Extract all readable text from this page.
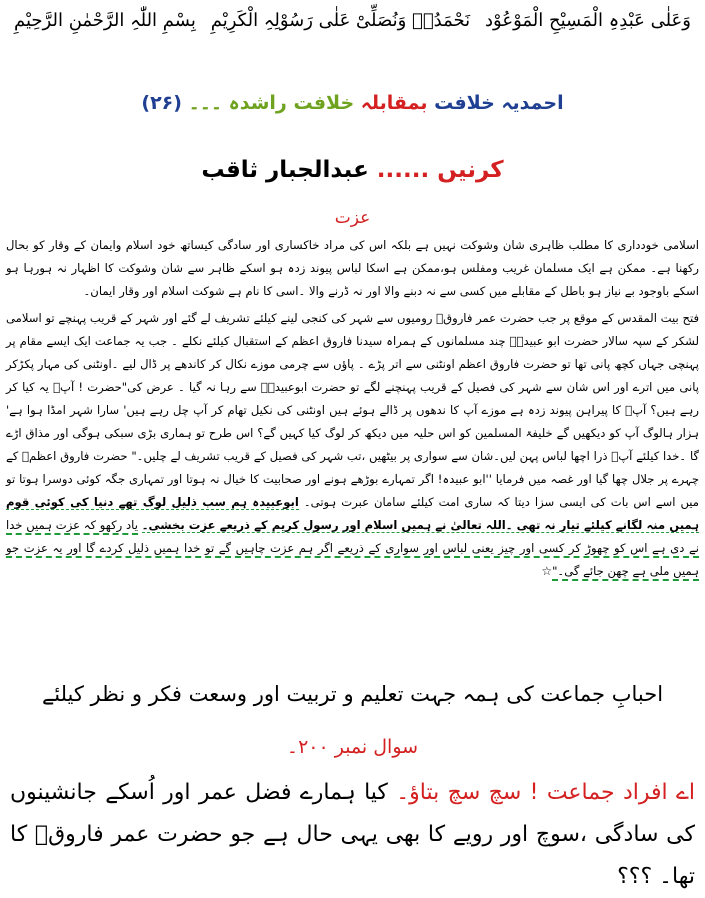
بِسْمِ اللّٰہِ الرَّحْمٰنِ الرَّحِیْمِ نَحْمَدُہٗ وَنُصَلِّیْ عَلٰی رَسُوْلِہِ الْکَرِیْمِ وَعَلٰی عَبْدِہِ الْمَسِیْحِ الْمَوْعُوْد
احمدیہ خلافت بمقابلہ خلافت راشدہ ۔۔۔ (۲۶)
کرنیں ...... عبدالجبار ثاقب
عزت

اسلامی خودداری کا مطلب ظاہری شان وشوکت نہیں ہے بلکہ اس کی مراد خاکساری اور سادگی کیساتھ خود اسلام وایمان کے وقار کو بحال رکھنا ہے۔ ممکن ہے ایک مسلمان غریب ومفلس ہو،ممکن ہے اسکا لباس پیوند زدہ ہو اسکے ظاہر سے شان وشوکت کا اظہار نہ ہورہا ہو اسکے باوجود بے نیاز ہو باطل کے مقابلے میں کسی سے نہ دبنے والا اور نہ ڈرنے والا ۔اسی کا نام ہے شوکت اسلام اور وقار ایمان۔

فتح بیت المقدس کے موقع پر جب حضرت عمر فاروقؓ رومیوں سے شہر کی کنجی لینے کیلئے تشریف لے گئے اور شہر کے قریب پہنچے تو اسلامی لشکر کے سپہ سالار حضرت ابو عبیدہؓ چند مسلمانوں کے ہمراہ سیدنا فاروق اعظم کے استقبال کیلئے نکلے ۔ جب یہ جماعت ایک ایسے مقام پر پہنچی جہاں کچھ پانی تھا تو حضرت فاروق اعظم اونٹنی سے اتر پڑے ۔ پاؤں سے چرمی موزے نکال کر کاندھے پر ڈال لیے ۔اونٹنی کی مہار پکڑکر پانی میں اترے اور اس شان سے شہر کی فصیل کے قریب پہنچنے لگے تو حضرت ابوعبیدہؓ سے رہا نہ گیا ۔ عرض کی"حضرت ! آپؓ یہ کیا کر رہے ہیں؟ آپؓ کا پیراہن پیوند زدہ ہے موزے آپ کا ندھوں پر ڈالے ہوئے ہیں اونٹنی کی نکیل تھام کر آپ چل رہے ہیں' سارا شہر امڈا ہوا ہے' ہزار ہالوگ آپ کو دیکھیں گے خلیفۃ المسلمین کو اس حلیہ میں دیکھ کر لوگ کیا کہیں گے؟ اس طرح تو ہماری بڑی سبکی ہوگی اور مذاق اڑے گا ۔خدا کیلئے آپؓ ذرا اچھا لباس پہن لیں۔شان سے سواری پر بیٹھیں ،تب شہر کی فصیل کے قریب تشریف لے چلیں۔" حضرت فاروق اعظمؓ کے چہرے پر جلال چھا گیا اور غصہ میں فرمایا ''ابو عبیدہ! اگر تمہارے بوڑھے ہونے اور صحابیت کا خیال نہ ہوتا اور تمہاری جگہ کوئی دوسرا ہوتا تو میں اسے اس بات کی ایسی سزا دیتا کہ ساری امت کیلئے سامان عبرت ہوتی۔ ابوعبیدہ ہم سب ذلیل لوگ تھے دنیا کی کوئی قوم ہمیں منہ لگانے کیلئے تیار نہ تھی ۔اللہ تعالیٰ نے ہمیں اسلام اور رسول کریم کے ذریعے عزت بخشی۔ یاد رکھو کہ عزت ہمیں خدا نے دی ہے اس کو چھوڑ کر کسی اور چیز یعنی لباس اور سواری کے ذریعے اگر ہم عزت چاہیں گے تو خدا ہمیں ذلیل کردے گا اور یہ عزت جو ہمیں ملی ہے چھن جائے گی۔"☆

احبابِ جماعت کی ہمہ جہت تعلیم و تربیت اور وسعت فکر و نظر کیلئے
سوال نمبر ۲۰۰۔
اے افراد جماعت ! سچ سچ بتاؤ۔ کیا ہمارے فضل عمر اور اُسکے جانشینوں کی سادگی ،سوچ اور رویے کا بھی یہی حال ہے جو حضرت عمر فاروقؓ کا تھا۔ ؟؟؟
